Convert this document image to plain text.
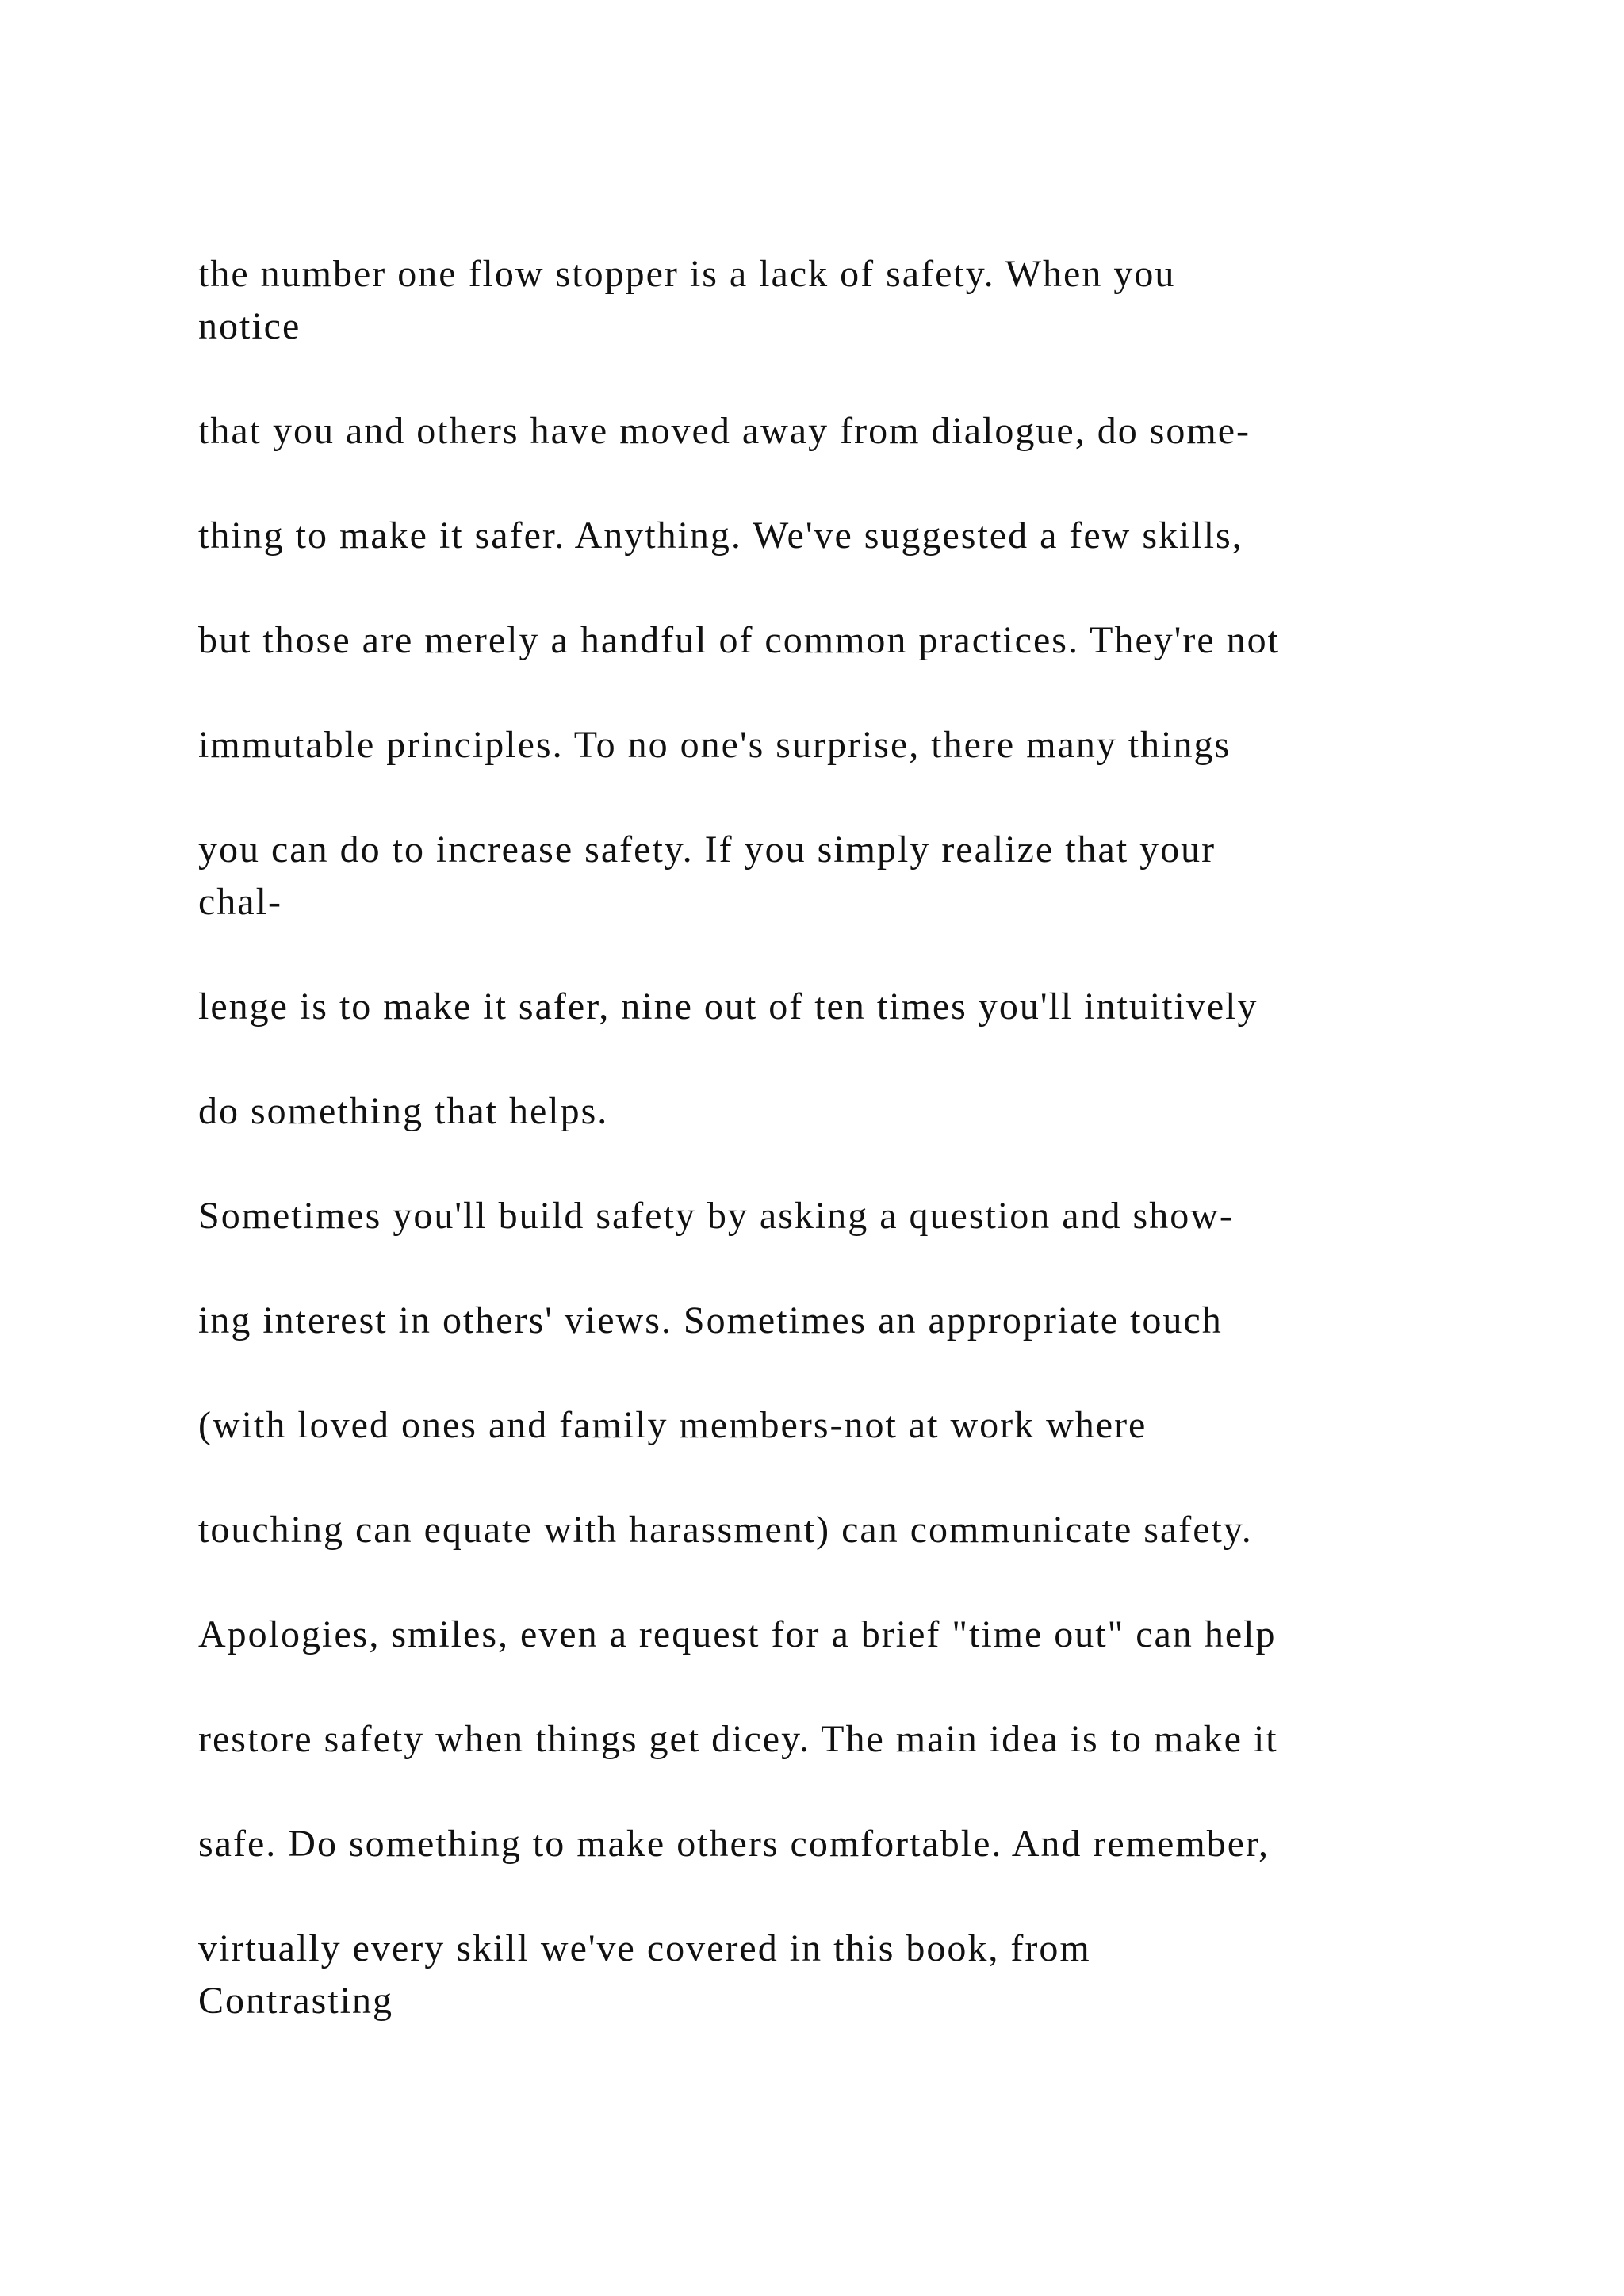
the number one flow stopper is a lack of safety. When you

notice

that you and others have moved away from dialogue, do some-

thing to make it safer. Anything. We've suggested a few skills,

but those are merely a handful of common practices. They're not

immutable principles. To no one's surprise, there many things

you can do to increase safety. If you simply realize that your

chal-

lenge is to make it safer, nine out of ten times you'll intuitively

do something that helps.

Sometimes you'll build safety by asking a question and show-

ing interest in others' views. Sometimes an appropriate touch

(with loved ones and family members-not at work where

touching can equate with harassment) can communicate safety.

Apologies, smiles, even a request for a brief "time out" can help

restore safety when things get dicey. The main idea is to make it

safe. Do something to make others comfortable. And remember,

virtually every skill we've covered in this book, from

Contrasting
